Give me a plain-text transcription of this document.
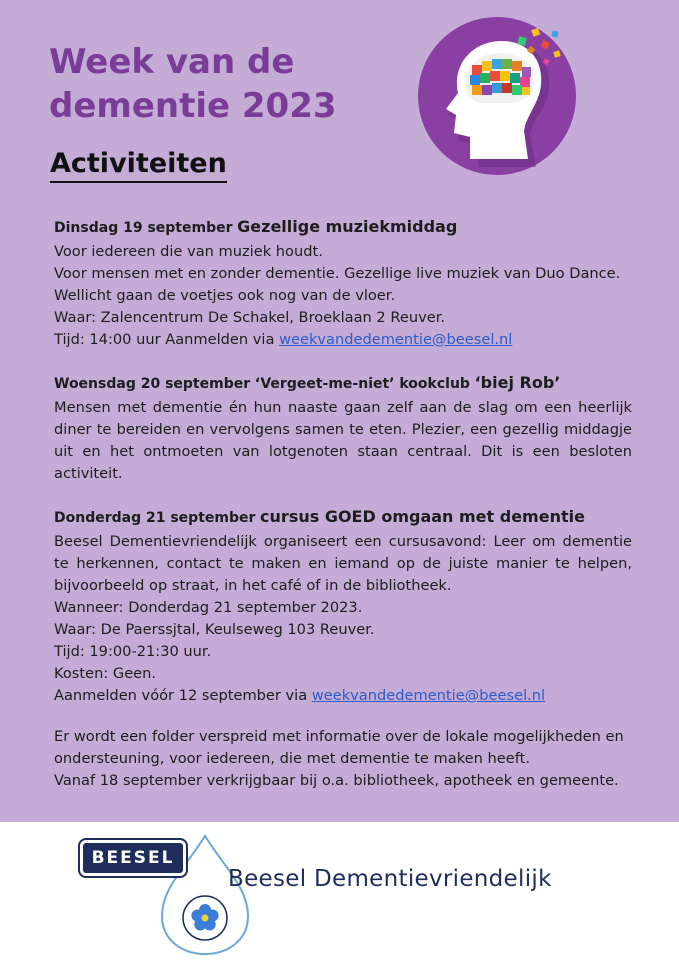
Week van de
dementie 2023
Activiteiten

Dinsdag 19 september Gezellige muziekmiddag

Voor iedereen die van muziek houdt.

Voor mensen met en zonder dementie. Gezellige live muziek van Duo Dance.

Wellicht gaan de voetjes ook nog van de vloer.

Waar: Zalencentrum De Schakel, Broeklaan 2 Reuver.

Tijd: 14:00 uur Aanmelden via weekvandedementie@beesel.nl

Woensdag 20 september ‘Vergeet-me-niet’ kookclub ‘biej Rob’

Mensen met dementie én hun naaste gaan zelf aan de slag om een heerlijk diner te bereiden en vervolgens samen te eten. Plezier, een gezellig middagje uit en het ontmoeten van lotgenoten staan centraal. Dit is een besloten activiteit.

Donderdag 21 september cursus GOED omgaan met dementie

Beesel Dementievriendelijk organiseert een cursusavond: Leer om dementie te herkennen, contact te maken en iemand op de juiste manier te helpen, bijvoorbeeld op straat, in het café of in de bibliotheek.

Wanneer: Donderdag 21 september 2023.

Waar: De Paerssjtal, Keulseweg 103 Reuver.

Tijd: 19:00-21:30 uur.

Kosten: Geen.

Aanmelden vóór 12 september via weekvandedementie@beesel.nl

Er wordt een folder verspreid met informatie over de lokale mogelijkheden en ondersteuning, voor iedereen, die met dementie te maken heeft.

Vanaf 18 september verkrijgbaar bij o.a. bibliotheek, apotheek en gemeente.

BEESEL
Beesel Dementievriendelijk
